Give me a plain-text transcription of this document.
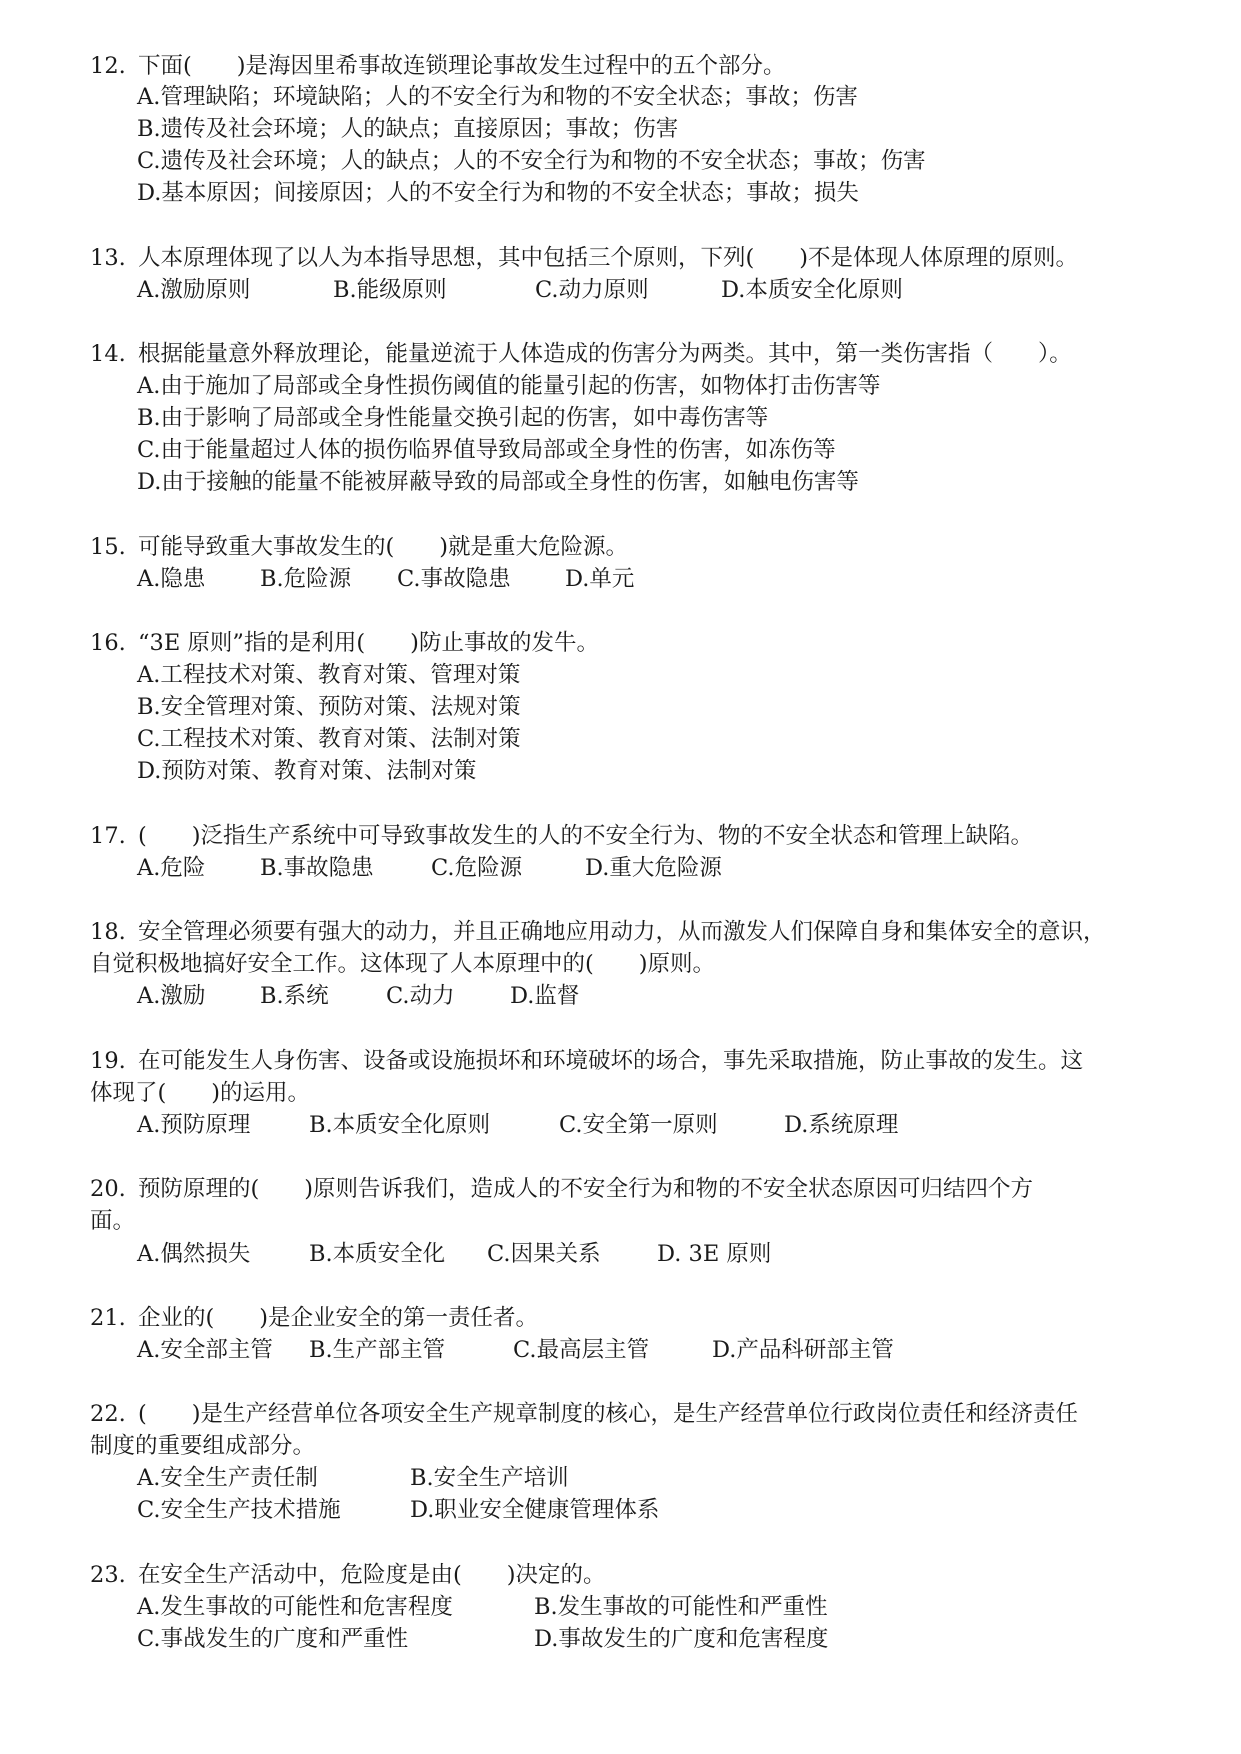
12. 下面(　　)是海因里希事故连锁理论事故发生过程中的五个部分。
A.管理缺陷；环境缺陷；人的不安全行为和物的不安全状态；事故；伤害
B.遗传及社会环境；人的缺点；直接原因；事故；伤害
C.遗传及社会环境；人的缺点；人的不安全行为和物的不安全状态；事故；伤害
D.基本原因；间接原因；人的不安全行为和物的不安全状态；事故；损失
13. 人本原理体现了以人为本指导思想，其中包括三个原则，下列(　　)不是体现人体原理的原则。
A.激励原则	B.能级原则	C.动力原则	D.本质安全化原则
14. 根据能量意外释放理论，能量逆流于人体造成的伤害分为两类。其中，第一类伤害指（　　）。
A.由于施加了局部或全身性损伤阈值的能量引起的伤害，如物体打击伤害等
B.由于影响了局部或全身性能量交换引起的伤害，如中毒伤害等
C.由于能量超过人体的损伤临界值导致局部或全身性的伤害，如冻伤等
D.由于接触的能量不能被屏蔽导致的局部或全身性的伤害，如触电伤害等
15. 可能导致重大事故发生的(　　)就是重大危险源。
A.隐患 B.危险源 C.事故隐患 D.单元
16. “3E 原则”指的是利用(　　)防止事故的发牛。
A.工程技术对策、教育对策、管理对策
B.安全管理对策、预防对策、法规对策
C.工程技术对策、教育对策、法制对策
D.预防对策、教育对策、法制对策
17. (　　)泛指生产系统中可导致事故发生的人的不安全行为、物的不安全状态和管理上缺陷。
A.危险 B.事故隐患	C.危险源	D.重大危险源
18. 安全管理必须要有强大的动力，并且正确地应用动力，从而激发人们保障自身和集体安全的意识，
自觉积极地搞好安全工作。这体现了人本原理中的(　　)原则。
A.激励 B.系统	C.动力 D.监督
19. 在可能发生人身伤害、设备或设施损坏和环境破坏的场合，事先采取措施，防止事故的发生。这
体现了(　　)的运用。
A.预防原理	B.本质安全化原则	C.安全第一原则	D.系统原理
20. 预防原理的(　　)原则告诉我们，造成人的不安全行为和物的不安全状态原因可归结四个方
面。
A.偶然损失	B.本质安全化 C.因果关系	D. 3E 原则
21. 企业的(　　)是企业安全的第一责任者。
A.安全部主管 B.生产部主管	C.最高层主管	D.产品科研部主管
22. (　　)是生产经营单位各项安全生产规章制度的核心，是生产经营单位行政岗位责任和经济责任
制度的重要组成部分。
A.安全生产责任制	B.安全生产培训
C.安全生产技术措施	D.职业安全健康管理体系
23. 在安全生产活动中，危险度是由(　　)决定的。
A.发生事故的可能性和危害程度	B.发生事故的可能性和严重性
C.事战发生的广度和严重性	D.事故发生的广度和危害程度
